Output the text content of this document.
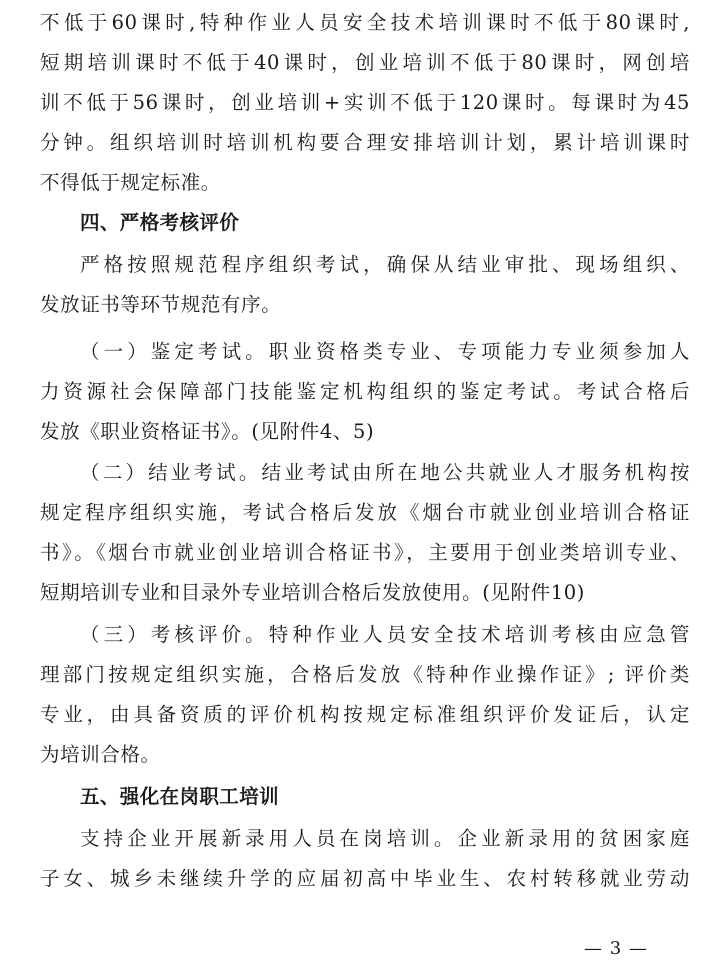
不低于60课时,特种作业人员安全技术培训课时不低于80课时,
短期培训课时不低于40课时，创业培训不低于80课时，网创培
训不低于56课时，创业培训+实训不低于120课时。每课时为45
分钟。组织培训时培训机构要合理安排培训计划，累计培训课时
不得低于规定标准。
四、严格考核评价
严格按照规范程序组织考试，确保从结业审批、现场组织、
发放证书等环节规范有序。
（一）鉴定考试。职业资格类专业、专项能力专业须参加人
力资源社会保障部门技能鉴定机构组织的鉴定考试。考试合格后
发放《职业资格证书》。(见附件4、5)
（二）结业考试。结业考试由所在地公共就业人才服务机构按
规定程序组织实施，考试合格后发放《烟台市就业创业培训合格证
书》。《烟台市就业创业培训合格证书》，主要用于创业类培训专业、
短期培训专业和目录外专业培训合格后发放使用。(见附件10)
（三）考核评价。特种作业人员安全技术培训考核由应急管
理部门按规定组织实施，合格后发放《特种作业操作证》; 评价类
专业，由具备资质的评价机构按规定标准组织评价发证后，认定
为培训合格。
五、强化在岗职工培训
支持企业开展新录用人员在岗培训。企业新录用的贫困家庭
子女、城乡未继续升学的应届初高中毕业生、农村转移就业劳动
— 3 —
